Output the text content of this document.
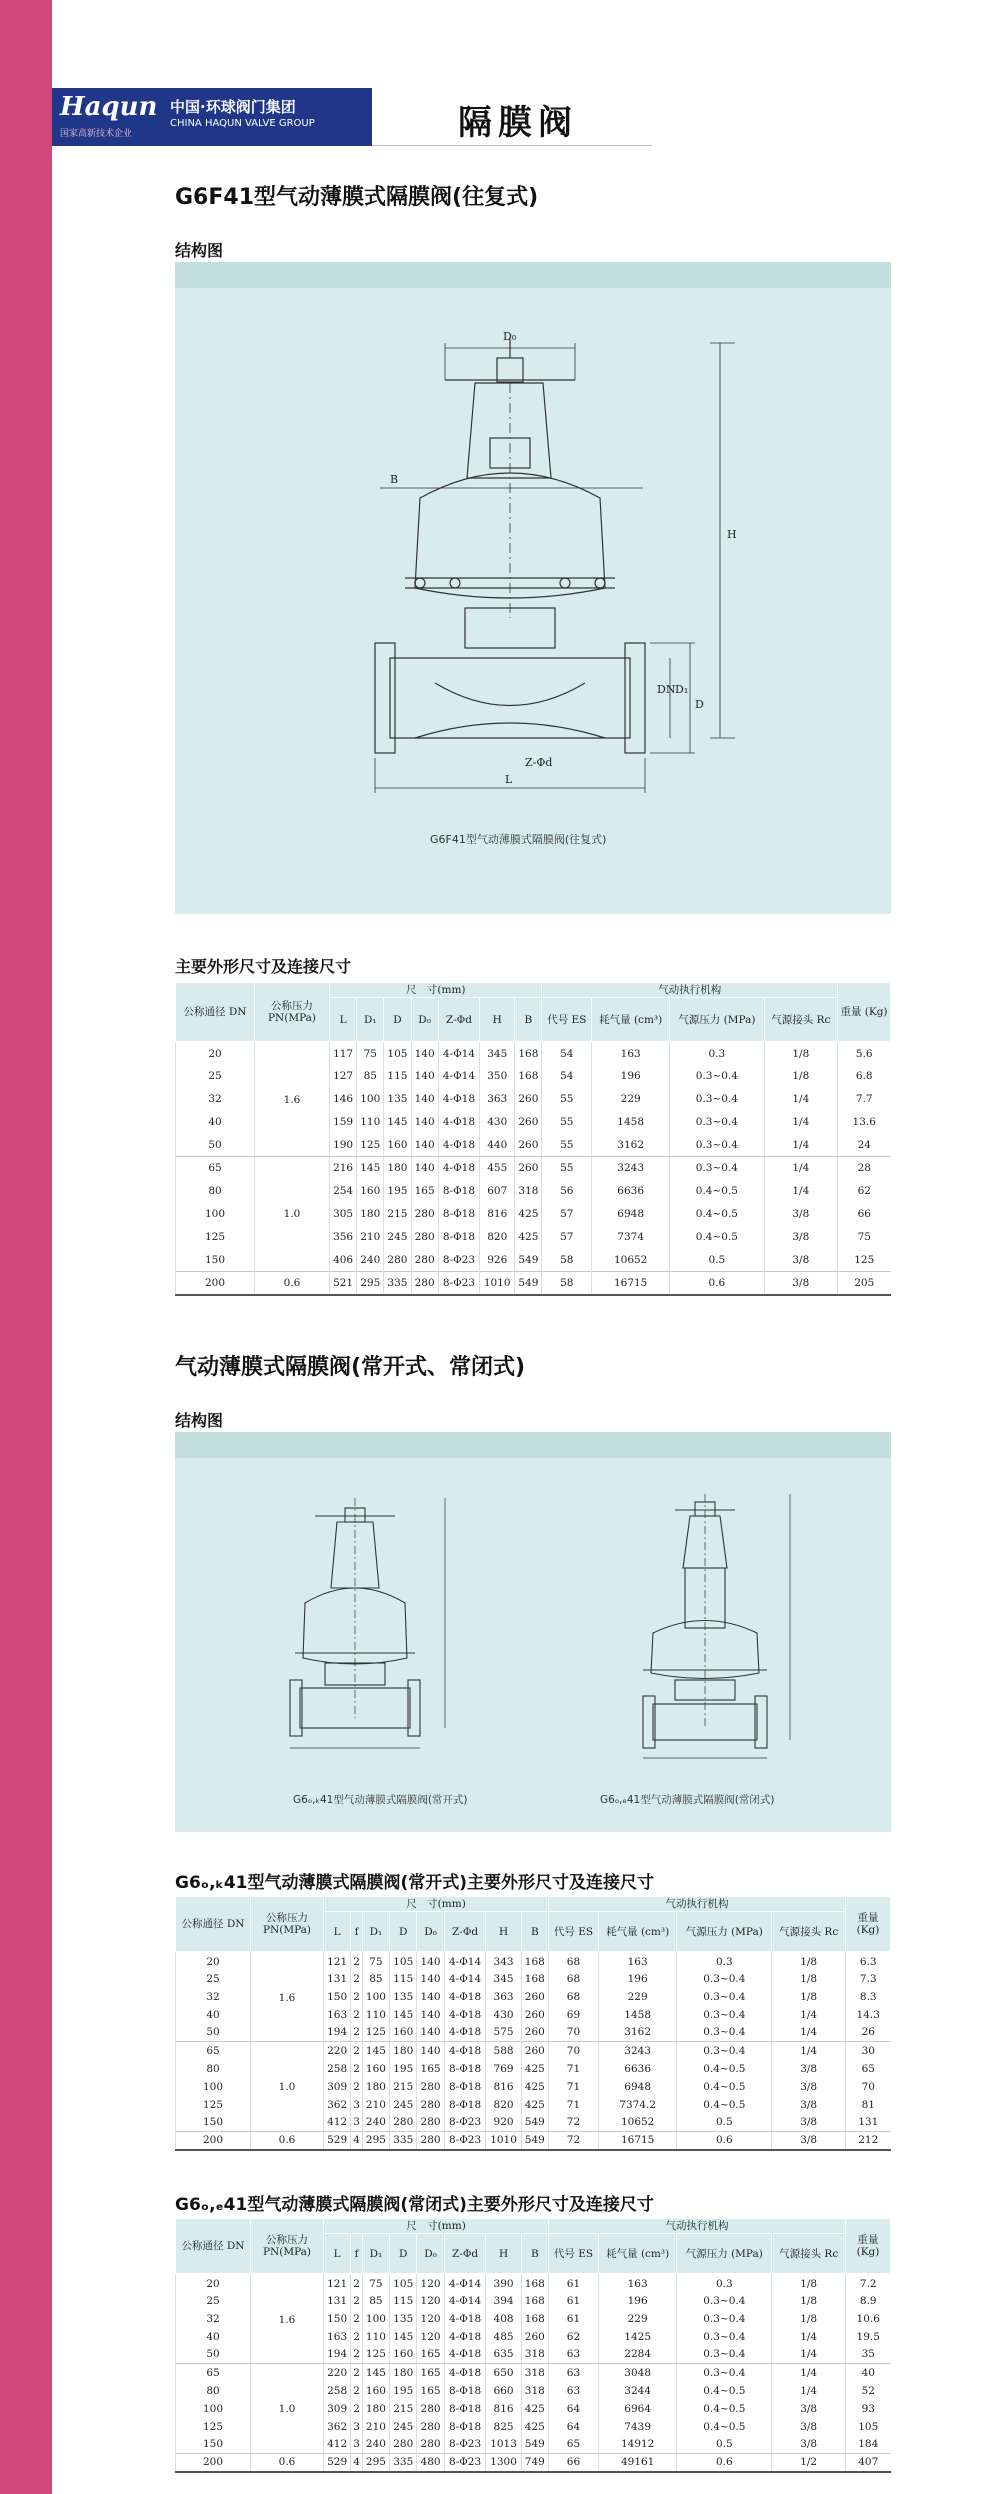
Haqun
国家高新技术企业
中国·环球阀门集团
CHINA HAQUN VALVE GROUP	隔膜阀
G6F41型气动薄膜式隔膜阀(往复式)
结构图
D₀
H
B
DN D₁
D
Z-Φd
L
G6F41型气动薄膜式隔膜阀(往复式)
主要外形尺寸及连接尺寸
公称通径 DN	公称压力 PN(MPa)	尺　寸(mm)							气动执行机构				重量 (Kg)
		L	D₁	D	D₀	Z-Φd	H	B	代号 ES	耗气量 (cm³)	气源压力 (MPa)	气源接头 Rc	
20	1.6	117	75	105	140	4-Φ14	345	168	54	163	0.3	1/8	5.6
25		127	85	115	140	4-Φ14	350	168	54	196	0.3~0.4	1/8	6.8
32		146	100	135	140	4-Φ18	363	260	55	229	0.3~0.4	1/4	7.7
40		159	110	145	140	4-Φ18	430	260	55	1458	0.3~0.4	1/4	13.6
50		190	125	160	140	4-Φ18	440	260	55	3162	0.3~0.4	1/4	24
65	1.0	216	145	180	140	4-Φ18	455	260	55	3243	0.3~0.4	1/4	28
80		254	160	195	165	8-Φ18	607	318	56	6636	0.4~0.5	1/4	62
100		305	180	215	280	8-Φ18	816	425	57	6948	0.4~0.5	3/8	66
125		356	210	245	280	8-Φ18	820	425	57	7374	0.4~0.5	3/8	75
150		406	240	280	280	8-Φ23	926	549	58	10652	0.5	3/8	125
200	0.6	521	295	335	280	8-Φ23	1010	549	58	16715	0.6	3/8	205
气动薄膜式隔膜阀(常开式、常闭式)
结构图
G6ₒ,ₖ41型气动薄膜式隔膜阀(常开式)	G6ₒ,ₑ41型气动薄膜式隔膜阀(常闭式)
G6ₒ,ₖ41型气动薄膜式隔膜阀(常开式)主要外形尺寸及连接尺寸
公称通径 DN	公称压力 PN(MPa)	尺　寸(mm)								气动执行机构				重量 (Kg)
		L	f	D₁	D	D₀	Z-Φd	H	B	代号 ES	耗气量 (cm³)	气源压力 (MPa)	气源接头 Rc	
20	1.6	121	2	75	105	140	4-Φ14	343	168	68	163	0.3	1/8	6.3
25		131	2	85	115	140	4-Φ14	345	168	68	196	0.3~0.4	1/8	7.3
32		150	2	100	135	140	4-Φ18	363	260	68	229	0.3~0.4	1/8	8.3
40		163	2	110	145	140	4-Φ18	430	260	69	1458	0.3~0.4	1/4	14.3
50		194	2	125	160	140	4-Φ18	575	260	70	3162	0.3~0.4	1/4	26
65	1.0	220	2	145	180	140	4-Φ18	588	260	70	3243	0.3~0.4	1/4	30
80		258	2	160	195	165	8-Φ18	769	425	71	6636	0.4~0.5	3/8	65
100		309	2	180	215	280	8-Φ18	816	425	71	6948	0.4~0.5	3/8	70
125		362	3	210	245	280	8-Φ18	820	425	71	7374.2	0.4~0.5	3/8	81
150		412	3	240	280	280	8-Φ23	920	549	72	10652	0.5	3/8	131
200	0.6	529	4	295	335	280	8-Φ23	1010	549	72	16715	0.6	3/8	212
G6ₒ,ₑ41型气动薄膜式隔膜阀(常闭式)主要外形尺寸及连接尺寸
公称通径 DN	公称压力 PN(MPa)	尺　寸(mm)								气动执行机构				重量 (Kg)
		L	f	D₁	D	D₀	Z-Φd	H	B	代号 ES	耗气量 (cm³)	气源压力 (MPa)	气源接头 Rc	
20	1.6	121	2	75	105	120	4-Φ14	390	168	61	163	0.3	1/8	7.2
25		131	2	85	115	120	4-Φ14	394	168	61	196	0.3~0.4	1/8	8.9
32		150	2	100	135	120	4-Φ18	408	168	61	229	0.3~0.4	1/8	10.6
40		163	2	110	145	120	4-Φ18	485	260	62	1425	0.3~0.4	1/4	19.5
50		194	2	125	160	165	4-Φ18	635	318	63	2284	0.3~0.4	1/4	35
65	1.0	220	2	145	180	165	4-Φ18	650	318	63	3048	0.3~0.4	1/4	40
80		258	2	160	195	165	8-Φ18	660	318	63	3244	0.4~0.5	1/4	52
100		309	2	180	215	280	8-Φ18	816	425	64	6964	0.4~0.5	3/8	93
125		362	3	210	245	280	8-Φ18	825	425	64	7439	0.4~0.5	3/8	105
150		412	3	240	280	280	8-Φ23	1013	549	65	14912	0.5	3/8	184
200	0.6	529	4	295	335	480	8-Φ23	1300	749	66	49161	0.6	1/2	407
